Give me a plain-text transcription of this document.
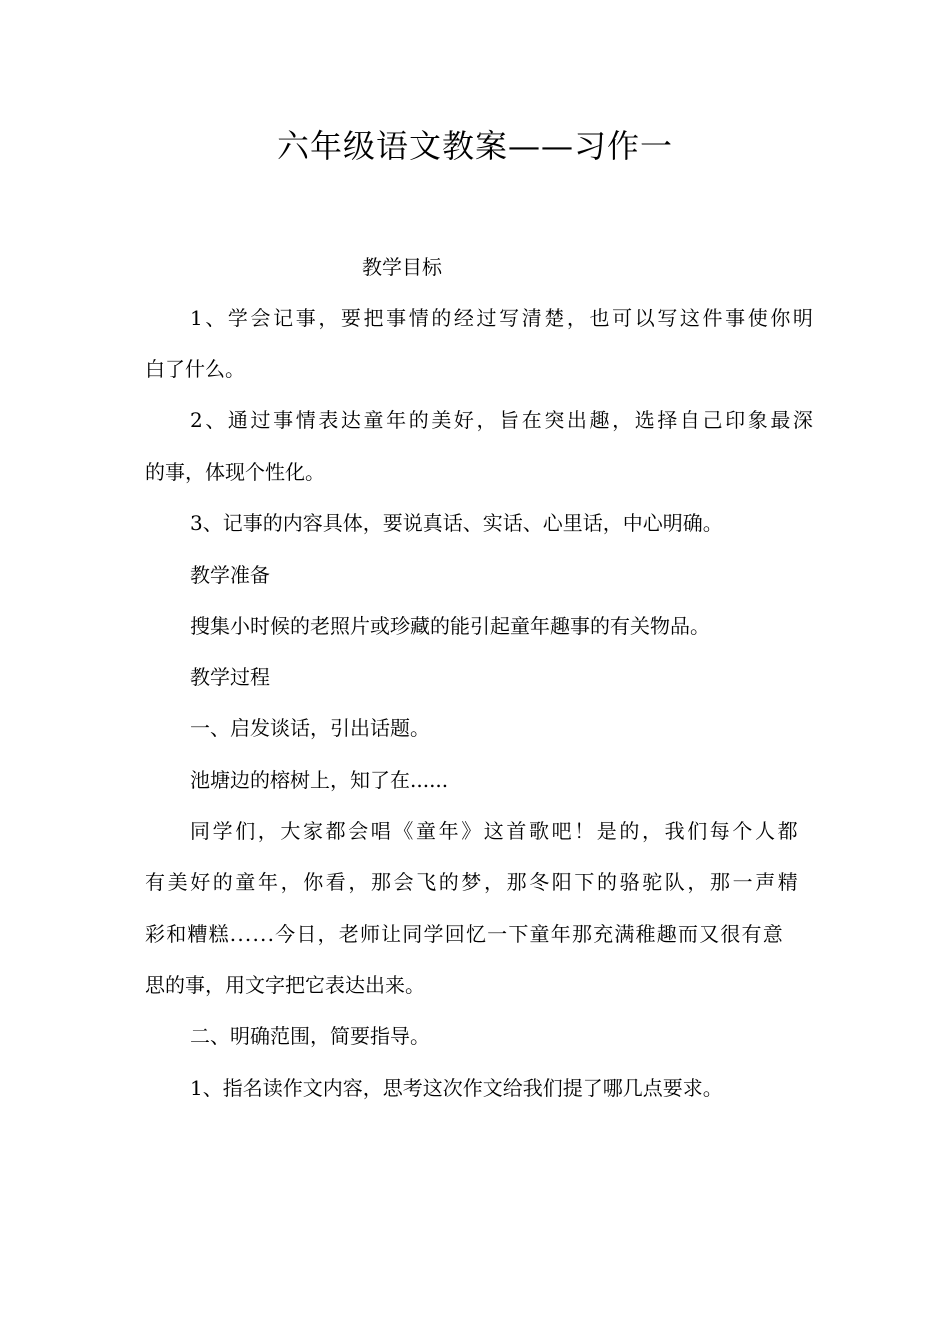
六年级语文教案——习作一
教学目标
1、学会记事，要把事情的经过写清楚，也可以写这件事使你明
白了什么。
2、通过事情表达童年的美好，旨在突出趣，选择自己印象最深
的事，体现个性化。
3、记事的内容具体，要说真话、实话、心里话，中心明确。
教学准备
搜集小时候的老照片或珍藏的能引起童年趣事的有关物品。
教学过程
一、启发谈话，引出话题。
池塘边的榕树上，知了在......
同学们，大家都会唱《童年》这首歌吧！是的，我们每个人都
有美好的童年，你看，那会飞的梦，那冬阳下的骆驼队，那一声精
彩和糟糕......今日，老师让同学回忆一下童年那充满稚趣而又很有意
思的事，用文字把它表达出来。
二、明确范围，简要指导。
1、指名读作文内容，思考这次作文给我们提了哪几点要求。
